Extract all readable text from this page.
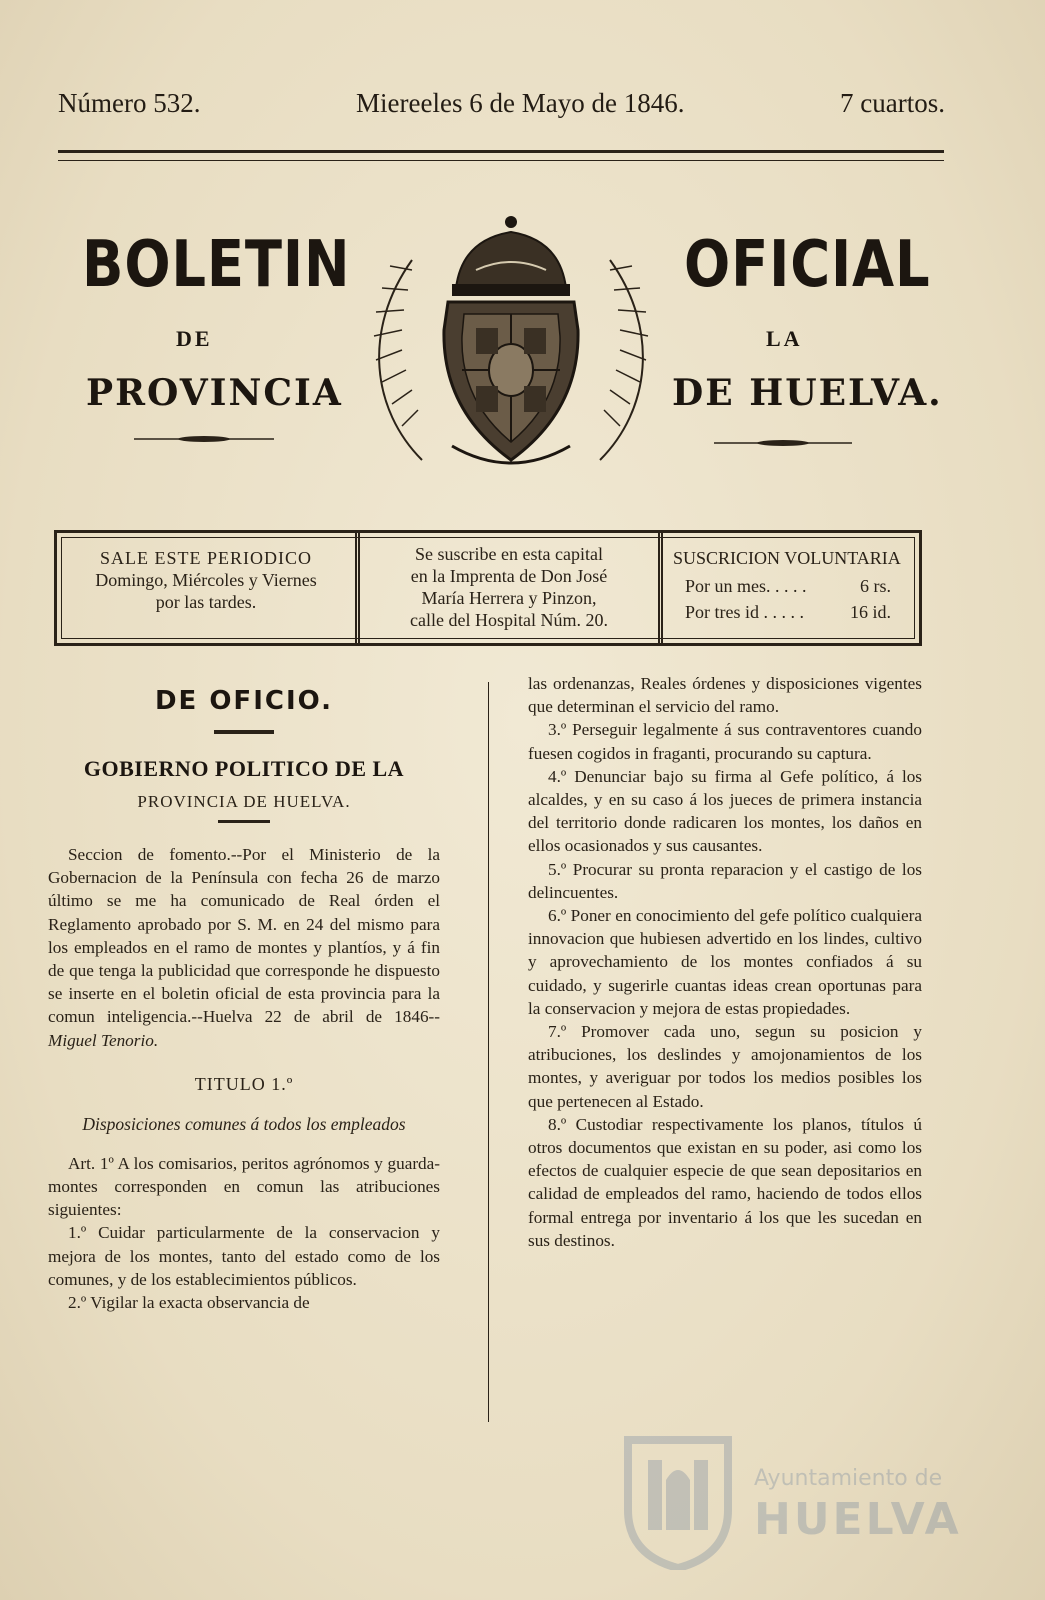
Número 532.	Miereeles 6 de Mayo de 1846.	7 cuartos.
BOLETIN	OFICIAL
DE	LA
PROVINCIA	DE HUELVA.
SALE ESTE PERIODICO
Domingo, Miércoles y Viernes
por las tardes.
Se suscribe en esta capital
en la Imprenta de Don José
María Herrera y Pinzon,
calle del Hospital Núm. 20.
SUSCRICION VOLUNTARIA
Por un mes. . . . .	6 rs.
Por tres id . . . . .	16 id.
DE OFICIO.
GOBIERNO POLITICO DE LA
PROVINCIA DE HUELVA.

Seccion de fomento.--Por el Ministerio de la Gobernacion de la Península con fecha 26 de marzo último se me ha comunicado de Real órden el Reglamento aprobado por S. M. en 24 del mismo para los empleados en el ramo de montes y plantíos, y á fin de que tenga la publicidad que corresponde he dispuesto se inserte en el boletin oficial de esta provincia para la comun inteligencia.--Huelva 22 de abril de 1846-- Miguel Tenorio.

TITULO 1.º
Disposiciones comunes á todos los empleados

Art. 1º A los comisarios, peritos agrónomos y guarda-montes corresponden en comun las atribuciones siguientes:

1.º Cuidar particularmente de la conservacion y mejora de los montes, tanto del estado como de los comunes, y de los establecimientos públicos.

2.º Vigilar la exacta observancia de

las ordenanzas, Reales órdenes y disposiciones vigentes que determinan el servicio del ramo.

3.º Perseguir legalmente á sus contraventores cuando fuesen cogidos in fraganti, procurando su captura.

4.º Denunciar bajo su firma al Gefe político, á los alcaldes, y en su caso á los jueces de primera instancia del territorio donde radicaren los montes, los daños en ellos ocasionados y sus causantes.

5.º Procurar su pronta reparacion y el castigo de los delincuentes.

6.º Poner en conocimiento del gefe político cualquiera innovacion que hubiesen advertido en los lindes, cultivo y aprovechamiento de los montes confiados á su cuidado, y sugerirle cuantas ideas crean oportunas para la conservacion y mejora de estas propiedades.

7.º Promover cada uno, segun su posicion y atribuciones, los deslindes y amojonamientos de los montes, y averiguar por todos los medios posibles los que pertenecen al Estado.

8.º Custodiar respectivamente los planos, títulos ú otros documentos que existan en su poder, asi como los efectos de cualquier especie de que sean depositarios en calidad de empleados del ramo, haciendo de todos ellos formal entrega por inventario á los que les sucedan en sus destinos.

Ayuntamiento de
HUELVA
